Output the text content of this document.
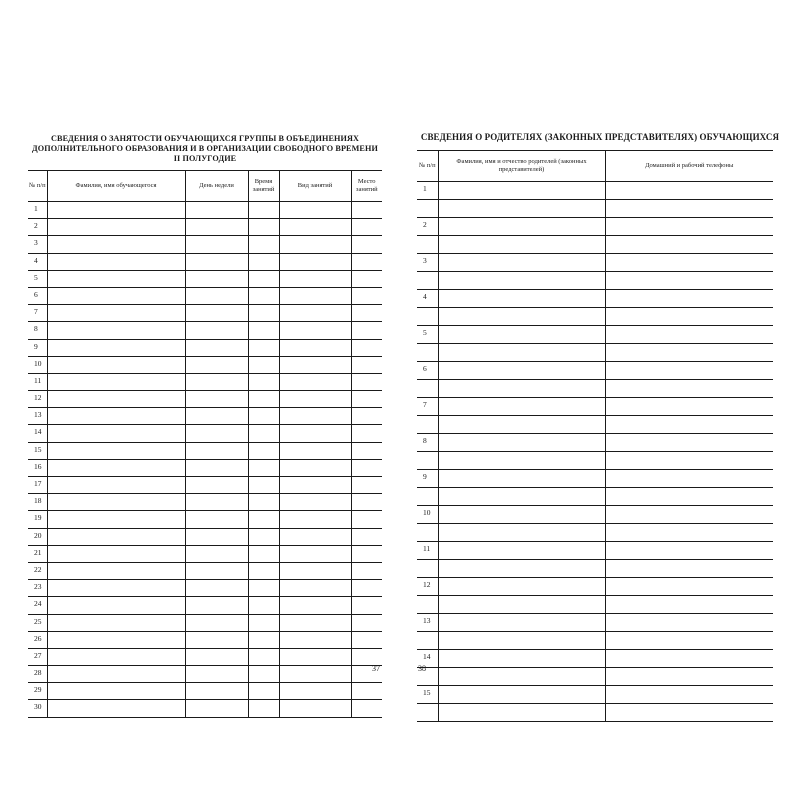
СВЕДЕНИЯ О ЗАНЯТОСТИ ОБУЧАЮЩИХСЯ ГРУППЫ В ОБЪЕДИНЕНИЯХ ДОПОЛНИТЕЛЬНОГО ОБРАЗОВАНИЯ И В ОРГАНИЗАЦИИ СВОБОДНОГО ВРЕМЕНИ II ПОЛУГОДИЕ
№ п/п	Фамилия, имя обучающегося	День недели	Время занятий	Вид занятий	Место занятий
1					
2					
3					
4					
5					
6					
7					
8					
9					
10					
11					
12					
13					
14					
15					
16					
17					
18					
19					
20					
21					
22					
23					
24					
25					
26					
27					
28					
29					
30					
37
СВЕДЕНИЯ О РОДИТЕЛЯХ (ЗАКОННЫХ ПРЕДСТАВИТЕЛЯХ) ОБУЧАЮЩИХСЯ
№ п/п	Фамилия, имя и отчество родителей (законных представителей)	Домашний и рабочий телефоны
1		

2		

3		

4		

5		

6		

7		

8		

9		

10		

11		

12		

13		

14		

15		

38
